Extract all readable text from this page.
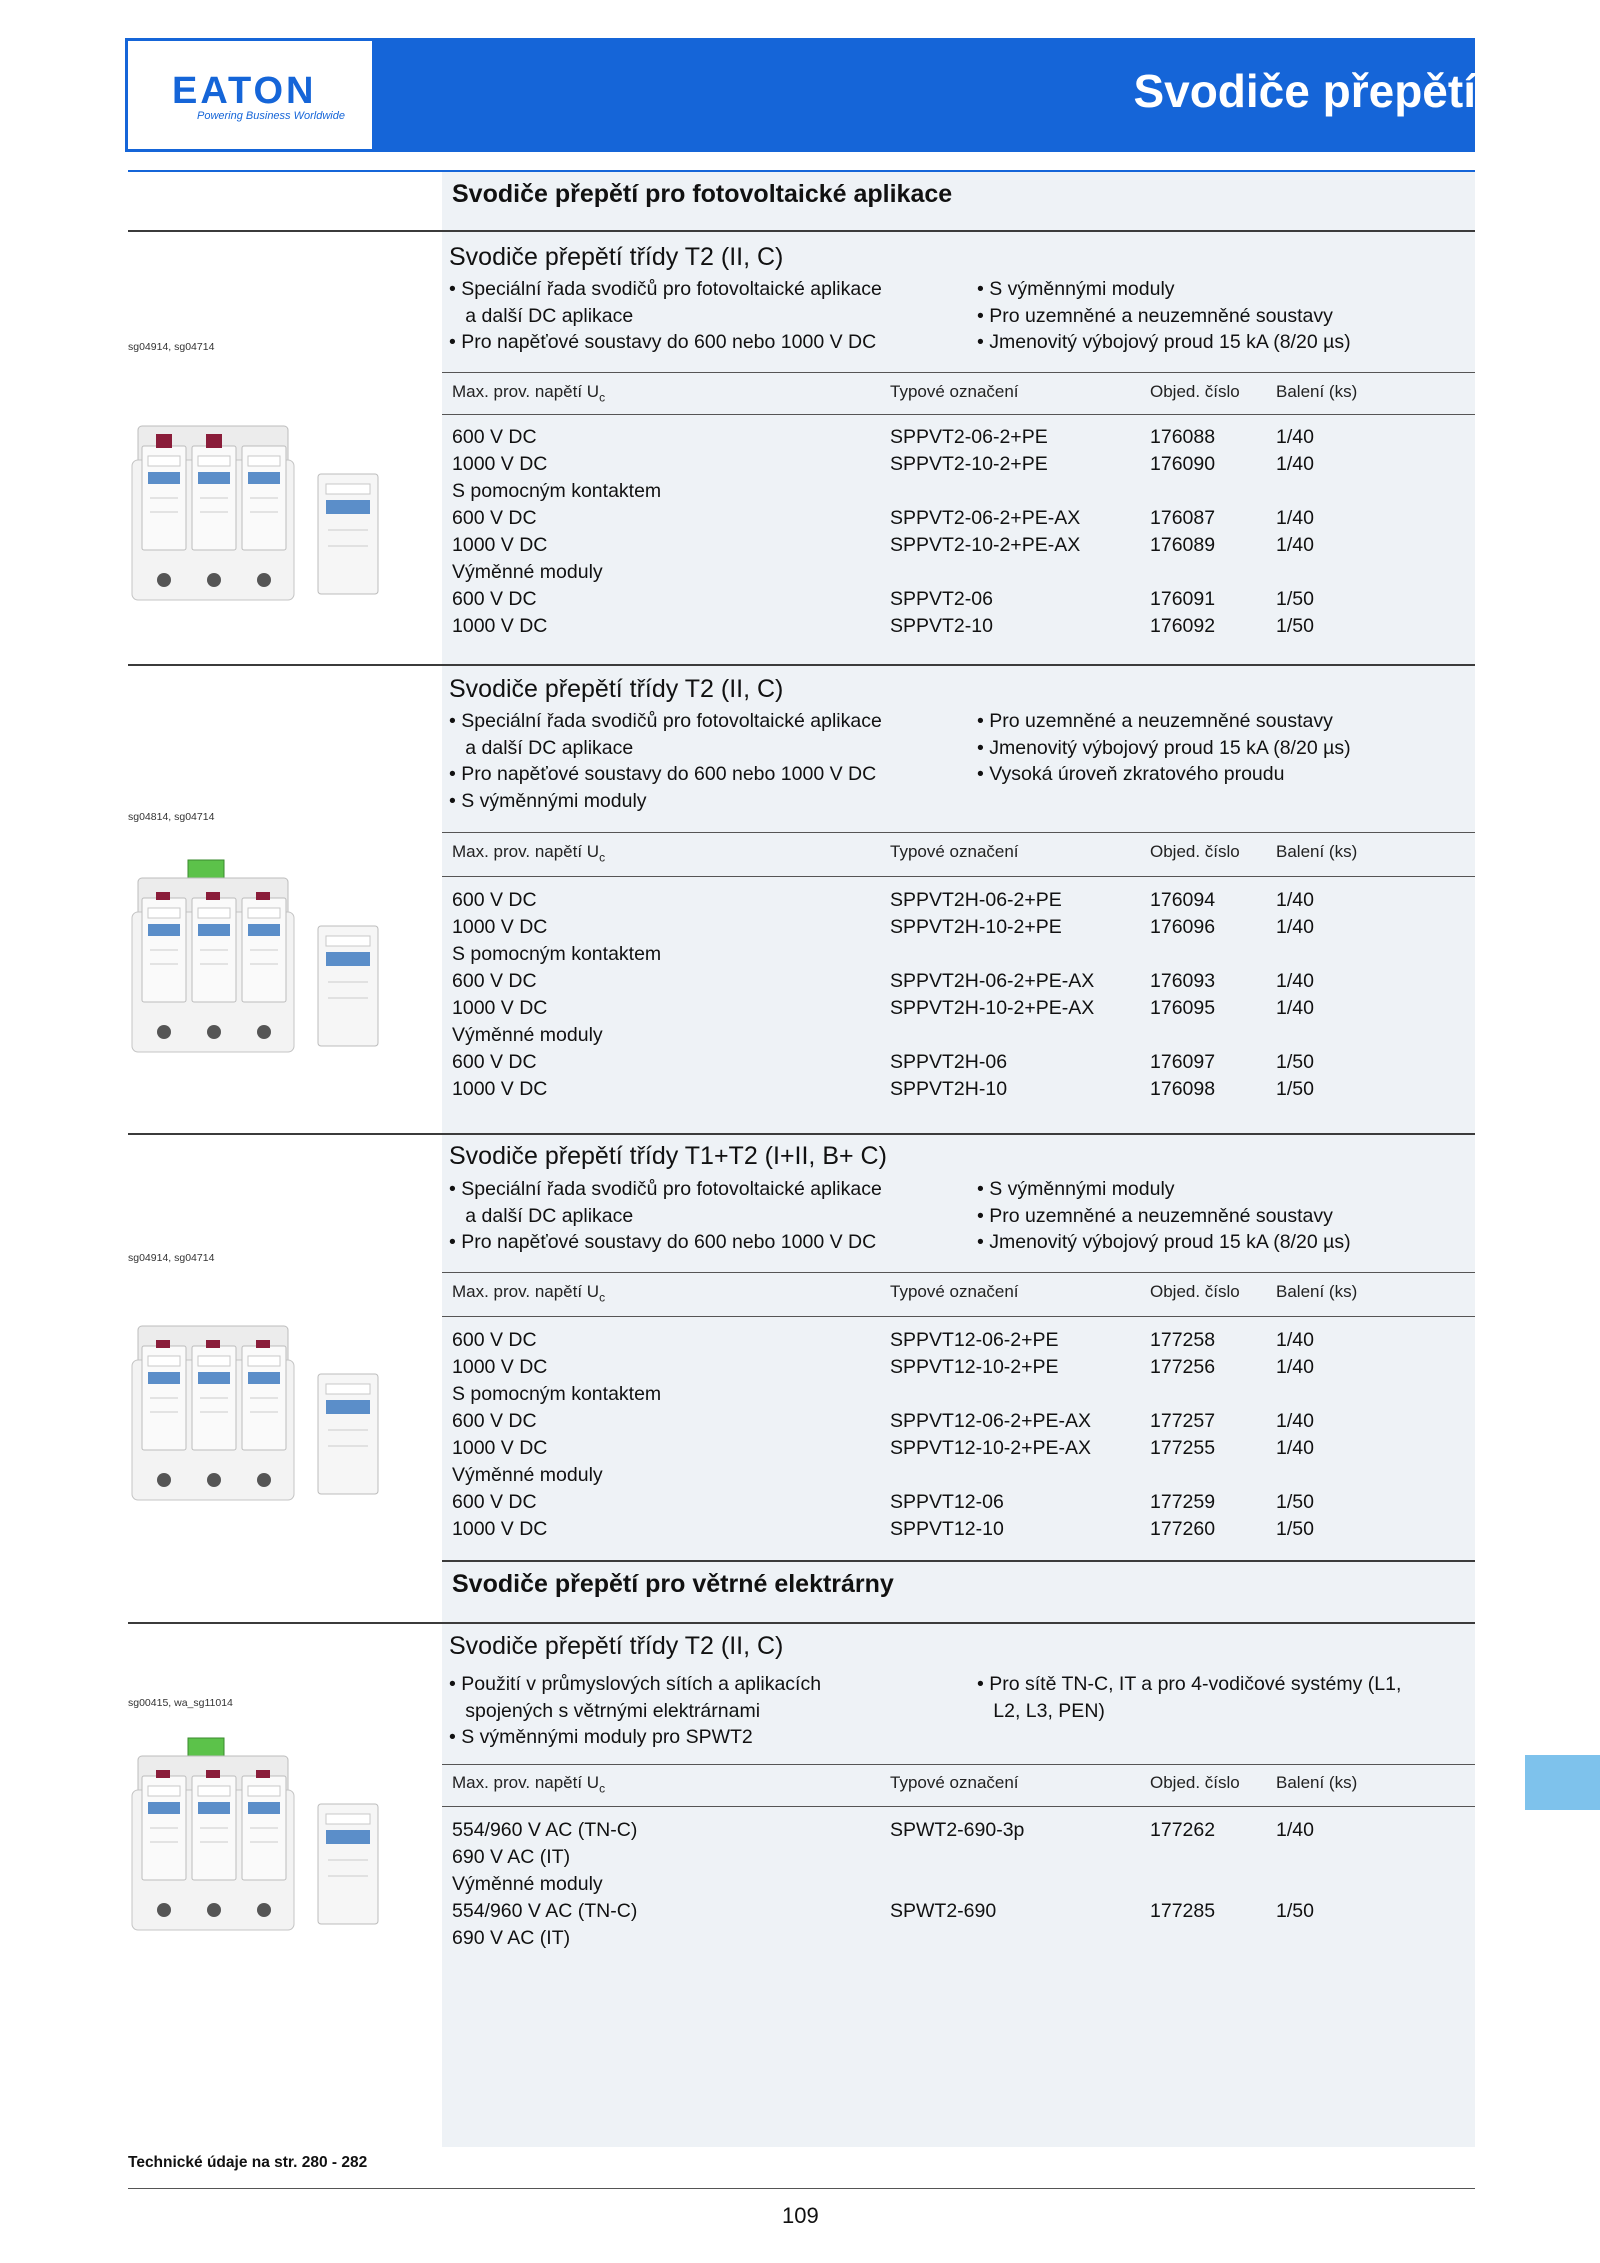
EATON
Powering Business Worldwide	Svodiče přepětí
Svodiče přepětí pro fotovoltaické aplikace
Svodiče přepětí třídy T2 (II, C)
• Speciální řada svodičů pro fotovoltaické aplikace
a další DC aplikace
• Pro napěťové soustavy do 600 nebo 1000 V DC
• S výměnnými moduly
• Pro uzemněné a neuzemněné soustavy
• Jmenovitý výbojový proud 15 kA (8/20 µs)
sg04914, sg04714
Max. prov. napětí $U_c$	Typové označení	Objed. číslo Balení (ks)
600 V DC	SPPVT2-06-2+PE	176088	1/40
1000 V DC	SPPVT2-10-2+PE	176090	1/40
S pomocným kontaktem
600 V DC	SPPVT2-06-2+PE-AX	176087	1/40
1000 V DC	SPPVT2-10-2+PE-AX	176089	1/40
Výměnné moduly
600 V DC	SPPVT2-06	176091	1/50
1000 V DC	SPPVT2-10	176092	1/50
Svodiče přepětí třídy T2 (II, C)
• Speciální řada svodičů pro fotovoltaické aplikace
a další DC aplikace
• Pro napěťové soustavy do 600 nebo 1000 V DC
• S výměnnými moduly
• Pro uzemněné a neuzemněné soustavy
• Jmenovitý výbojový proud 15 kA (8/20 µs)
• Vysoká úroveň zkratového proudu
sg04814, sg04714
Max. prov. napětí $U_c$	Typové označení	Objed. číslo Balení (ks)
600 V DC	SPPVT2H-06-2+PE	176094	1/40
1000 V DC	SPPVT2H-10-2+PE	176096	1/40
S pomocným kontaktem
600 V DC	SPPVT2H-06-2+PE-AX	176093	1/40
1000 V DC	SPPVT2H-10-2+PE-AX	176095	1/40
Výměnné moduly
600 V DC	SPPVT2H-06	176097	1/50
1000 V DC	SPPVT2H-10	176098	1/50
Svodiče přepětí třídy T1+T2 (I+II, B+ C)
• Speciální řada svodičů pro fotovoltaické aplikace
a další DC aplikace
• Pro napěťové soustavy do 600 nebo 1000 V DC
• S výměnnými moduly
• Pro uzemněné a neuzemněné soustavy
• Jmenovitý výbojový proud 15 kA (8/20 µs)
sg04914, sg04714
Max. prov. napětí $U_c$	Typové označení	Objed. číslo Balení (ks)
600 V DC	SPPVT12-06-2+PE	177258	1/40
1000 V DC	SPPVT12-10-2+PE	177256	1/40
S pomocným kontaktem
600 V DC	SPPVT12-06-2+PE-AX	177257	1/40
1000 V DC	SPPVT12-10-2+PE-AX	177255	1/40
Výměnné moduly
600 V DC	SPPVT12-06	177259	1/50
1000 V DC	SPPVT12-10	177260	1/50
Svodiče přepětí třídy T2 (II, C)
• Použití v průmyslových sítích a aplikacích
spojených s větrnými elektrárnami
• S výměnnými moduly pro SPWT2
• Pro sítě TN-C, IT a pro 4-vodičové systémy (L1,
L2, L3, PEN)
sg00415, wa_sg11014
Max. prov. napětí $U_c$	Typové označení	Objed. číslo Balení (ks)
554/960 V AC (TN-C)	SPWT2-690-3p	177262	1/40
690 V AC (IT)
Výměnné moduly
554/960 V AC (TN-C)	SPWT2-690	177285	1/50
690 V AC (IT)
Svodiče přepětí pro větrné elektrárny
Technické údaje na str. 280 - 282
109
